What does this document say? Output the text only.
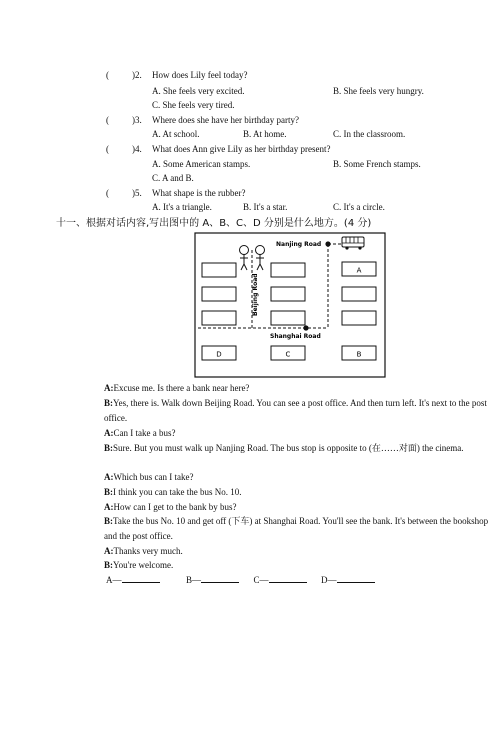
(	)2. How does Lily feel today?
A. She feels very excited.	B. She feels very hungry.
C. She feels very tired.
(	)3. Where does she have her birthday party?
A. At school.	B. At home.	C. In the classroom.
(	)4. What does Ann give Lily as her birthday present?
A. Some American stamps.	B. Some French stamps.
C. A and B.
(	)5. What shape is the rubber?
A. It's a triangle.	B. It's a star.	C. It's a circle.
十一、根据对话内容,写出图中的 A、B、C、D 分别是什么地方。(4 分)
A
B
C
D
Nanjing Road
Shanghai Road
Beijing Road
A:Excuse me. Is there a bank near here?
B:Yes, there is. Walk down Beijing Road. You can see a post office. And then turn left. It's next to the post office.
A:Can I take a bus?
B:Sure. But you must walk up Nanjing Road. The bus stop is opposite to (在……对面) the cinema.
A:Which bus can I take?
B:I think you can take the bus No. 10.
A:How can I get to the bank by bus?
B:Take the bus No. 10 and get off (下车) at Shanghai Road. You'll see the bank. It's between the bookshop and the post office.
A:Thanks very much.
B:You're welcome.
A—	B—	C—	D—
